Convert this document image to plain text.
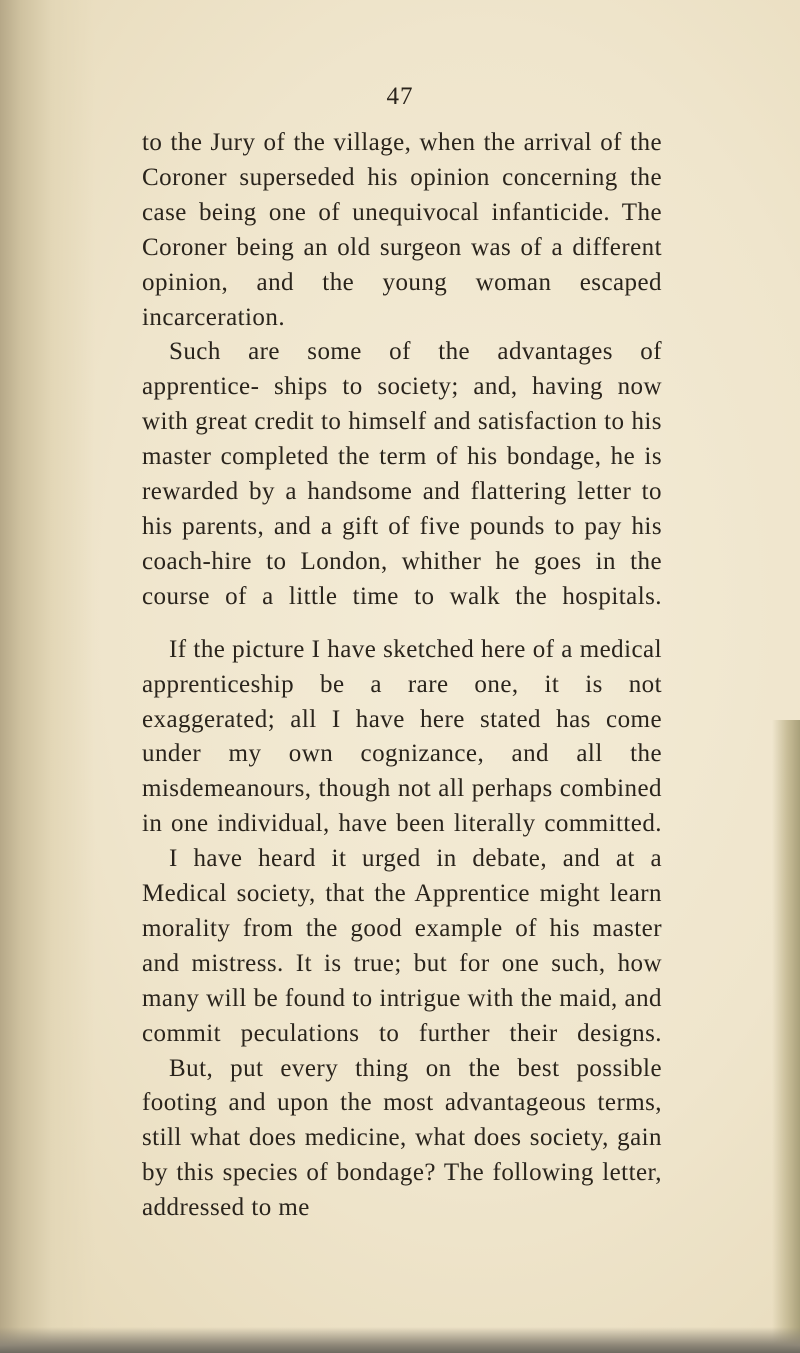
47

to the Jury of the village, when the arrival of the Coroner superseded his opinion concerning the case being one of unequivocal infanticide. The Coroner being an old surgeon was of a different opinion, and the young woman escaped incarceration.

Such are some of the advantages of apprentice- ships to society; and, having now with great credit to himself and satisfaction to his master completed the term of his bondage, he is rewarded by a handsome and flattering letter to his parents, and a gift of five pounds to pay his coach-hire to London, whither he goes in the course of a little time to walk the hospitals.

If the picture I have sketched here of a medical apprenticeship be a rare one, it is not exaggerated; all I have here stated has come under my own cognizance, and all the misdemeanours, though not all perhaps combined in one individual, have been literally committed.

I have heard it urged in debate, and at a Medical society, that the Apprentice might learn morality from the good example of his master and mistress. It is true; but for one such, how many will be found to intrigue with the maid, and commit peculations to further their designs.

But, put every thing on the best possible footing and upon the most advantageous terms, still what does medicine, what does society, gain by this species of bondage? The following letter, addressed to me
